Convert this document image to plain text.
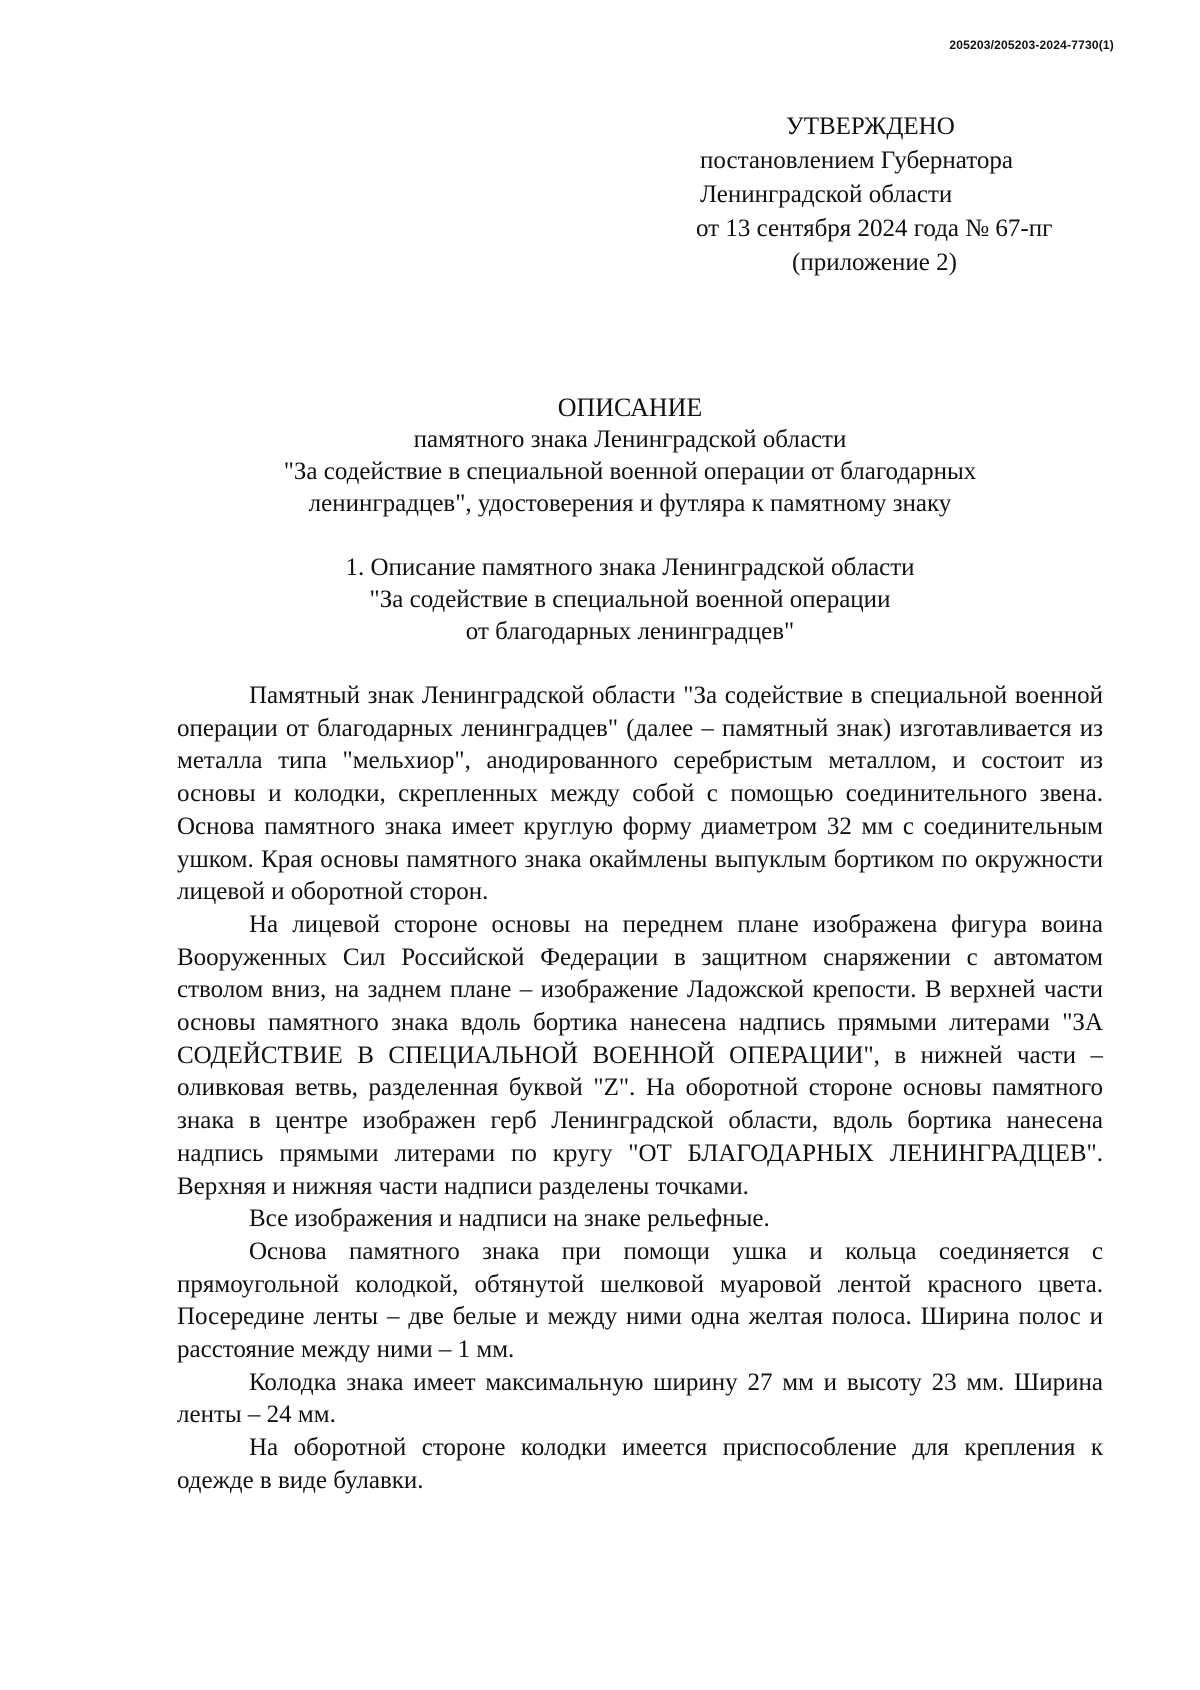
205203/205203-2024-7730(1)
УТВЕРЖДЕНО
постановлением Губернатора
Ленинградской области
от 13 сентября 2024 года № 67-пг
(приложение 2)
ОПИСАНИЕ
памятного знака Ленинградской области
"За содействие в специальной военной операции от благодарных
ленинградцев", удостоверения и футляра к памятному знаку
1. Описание памятного знака Ленинградской области
"За содействие в специальной военной операции
от благодарных ленинградцев"

Памятный знак Ленинградской области "За содействие в специальной военной операции от благодарных ленинградцев" (далее – памятный знак) изготавливается из металла типа "мельхиор", анодированного серебристым металлом, и состоит из основы и колодки, скрепленных между собой с помощью соединительного звена. Основа памятного знака имеет круглую форму диаметром 32 мм с соединительным ушком. Края основы памятного знака окаймлены выпуклым бортиком по окружности лицевой и оборотной сторон.

На лицевой стороне основы на переднем плане изображена фигура воина Вооруженных Сил Российской Федерации в защитном снаряжении с автоматом стволом вниз, на заднем плане – изображение Ладожской крепости. В верхней части основы памятного знака вдоль бортика нанесена надпись прямыми литерами "ЗА СОДЕЙСТВИЕ В СПЕЦИАЛЬНОЙ ВОЕННОЙ ОПЕРАЦИИ", в нижней части – оливковая ветвь, разделенная буквой "Z". На оборотной стороне основы памятного знака в центре изображен герб Ленинградской области, вдоль бортика нанесена надпись прямыми литерами по кругу "ОТ БЛАГОДАРНЫХ ЛЕНИНГРАДЦЕВ". Верхняя и нижняя части надписи разделены точками.

Все изображения и надписи на знаке рельефные.

Основа памятного знака при помощи ушка и кольца соединяется с прямоугольной колодкой, обтянутой шелковой муаровой лентой красного цвета. Посередине ленты – две белые и между ними одна желтая полоса. Ширина полос и расстояние между ними – 1 мм.

Колодка знака имеет максимальную ширину 27 мм и высоту 23 мм. Ширина ленты – 24 мм.

На оборотной стороне колодки имеется приспособление для крепления к одежде в виде булавки.
